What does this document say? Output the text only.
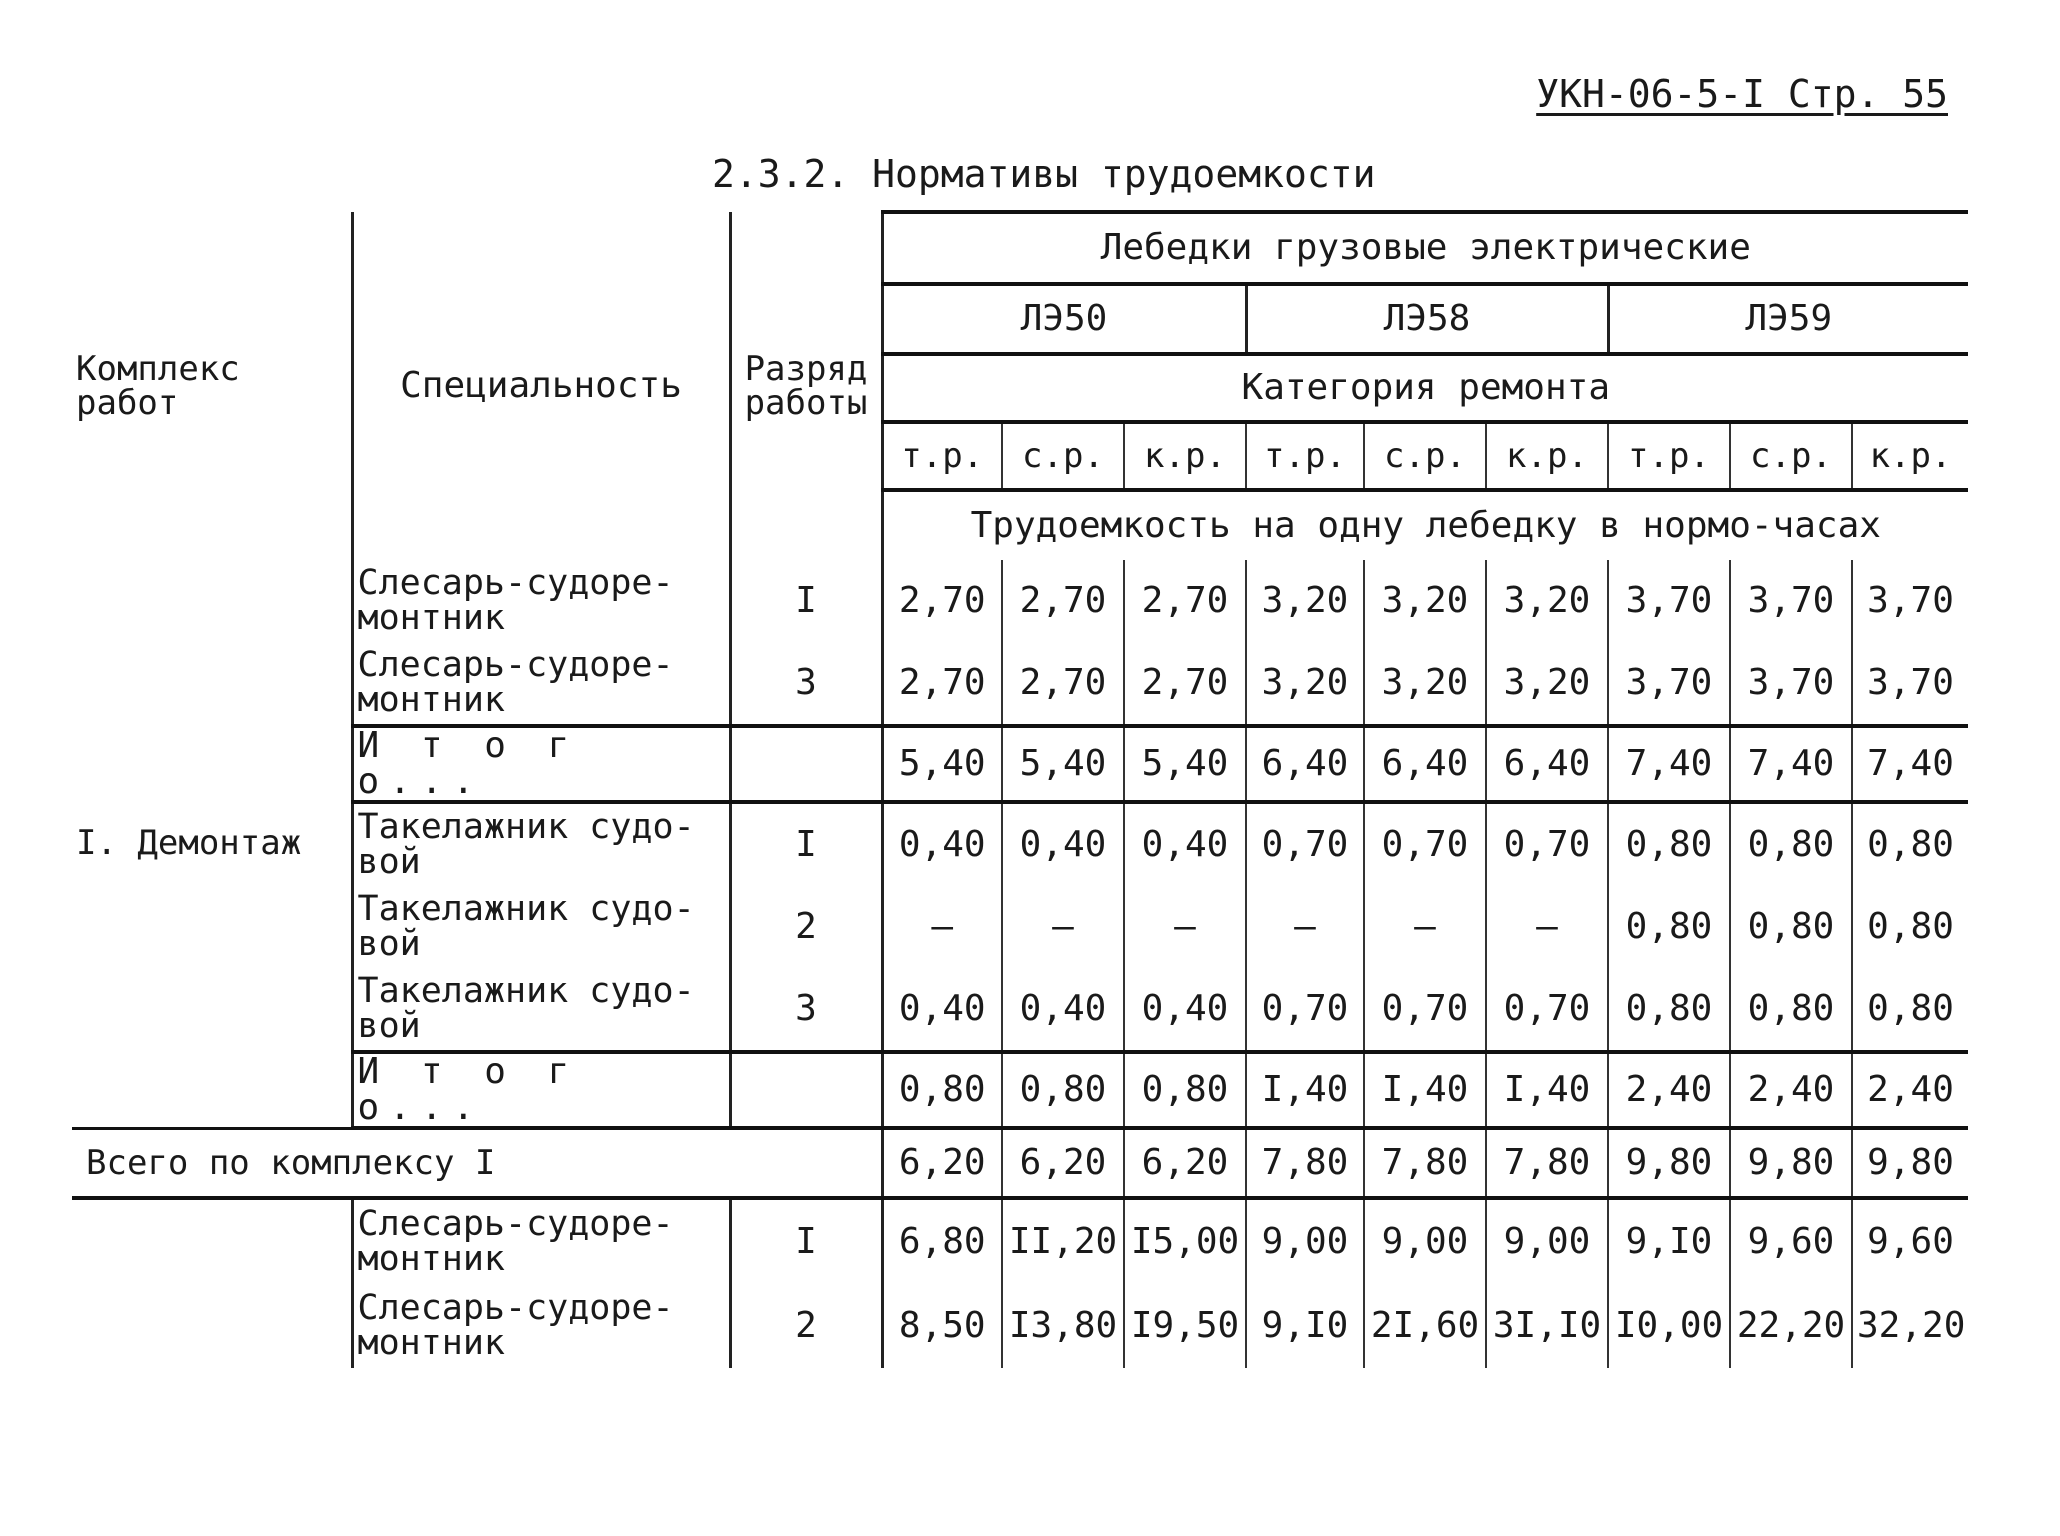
УКН-06-5-I Стр. 55
2.3.2. Нормативы трудоемкости
Комплекс работ	Специальность	Разряд работы	Лебедки грузовые электрические								
			ЛЭ50			ЛЭ58			ЛЭ59		
			Категория ремонта								
			т.р.	с.р.	к.р.	т.р.	с.р.	к.р.	т.р.	с.р.	к.р.
			Трудоемкость на одну лебедку в нормо-часах								
I. Демонтаж	Слесарь-судоре-
монтник	I	2,70	2,70	2,70	3,20	3,20	3,20	3,70	3,70	3,70
	Слесарь-судоре-
монтник	3	2,70	2,70	2,70	3,20	3,20	3,20	3,70	3,70	3,70
	И т о г о...		5,40	5,40	5,40	6,40	6,40	6,40	7,40	7,40	7,40
	Такелажник судо-
вой	I	0,40	0,40	0,40	0,70	0,70	0,70	0,80	0,80	0,80
	Такелажник судо-
вой	2	–	–	–	–	–	–	0,80	0,80	0,80
	Такелажник судо-
вой	3	0,40	0,40	0,40	0,70	0,70	0,70	0,80	0,80	0,80
	И т о г о...		0,80	0,80	0,80	I,40	I,40	I,40	2,40	2,40	2,40
Всего по комплексу I			6,20	6,20	6,20	7,80	7,80	7,80	9,80	9,80	9,80
	Слесарь-судоре-
монтник	I	6,80	II,20	I5,00	9,00	9,00	9,00	9,I0	9,60	9,60
	Слесарь-судоре-
монтник	2	8,50	I3,80	I9,50	9,I0	2I,60	3I,I0	I0,00	22,20	32,20
